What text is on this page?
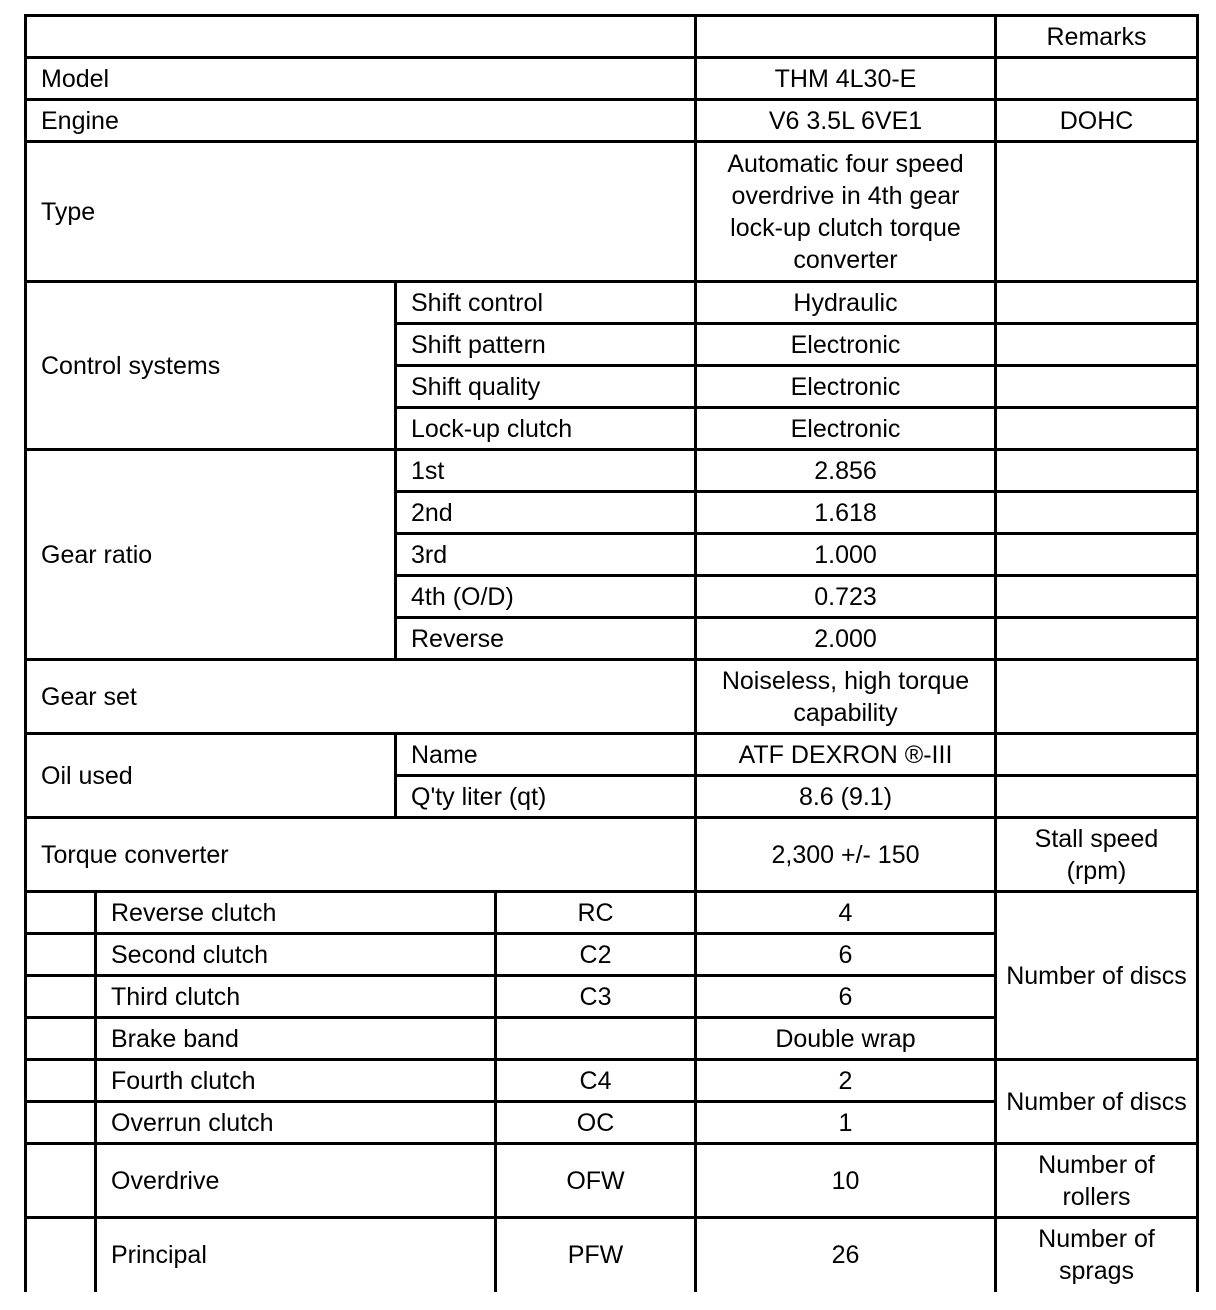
					Remarks
Model				THM 4L30-E	
Engine				V6 3.5L 6VE1	DOHC
Type				Automatic four speed overdrive in 4th gear lock-up clutch torque converter	
Control systems		Shift control		Hydraulic	
		Shift pattern		Electronic	
		Shift quality		Electronic	
		Lock-up clutch		Electronic	
Gear ratio		1st		2.856	
		2nd		1.618	
		3rd		1.000	
		4th (O/D)		0.723	
		Reverse		2.000	
Gear set				Noiseless, high torque capability	
Oil used		Name		ATF DEXRON ®-III	
		Q'ty liter (qt)		8.6 (9.1)	
Torque converter				2,300 +/- 150	Stall speed (rpm)
	Reverse clutch		RC	4	Number of discs
	Second clutch		C2	6	
	Third clutch		C3	6	
	Brake band			Double wrap	
	Fourth clutch		C4	2	Number of discs
	Overrun clutch		OC	1	
	Overdrive		OFW	10	Number of rollers
	Principal		PFW	26	Number of sprags
